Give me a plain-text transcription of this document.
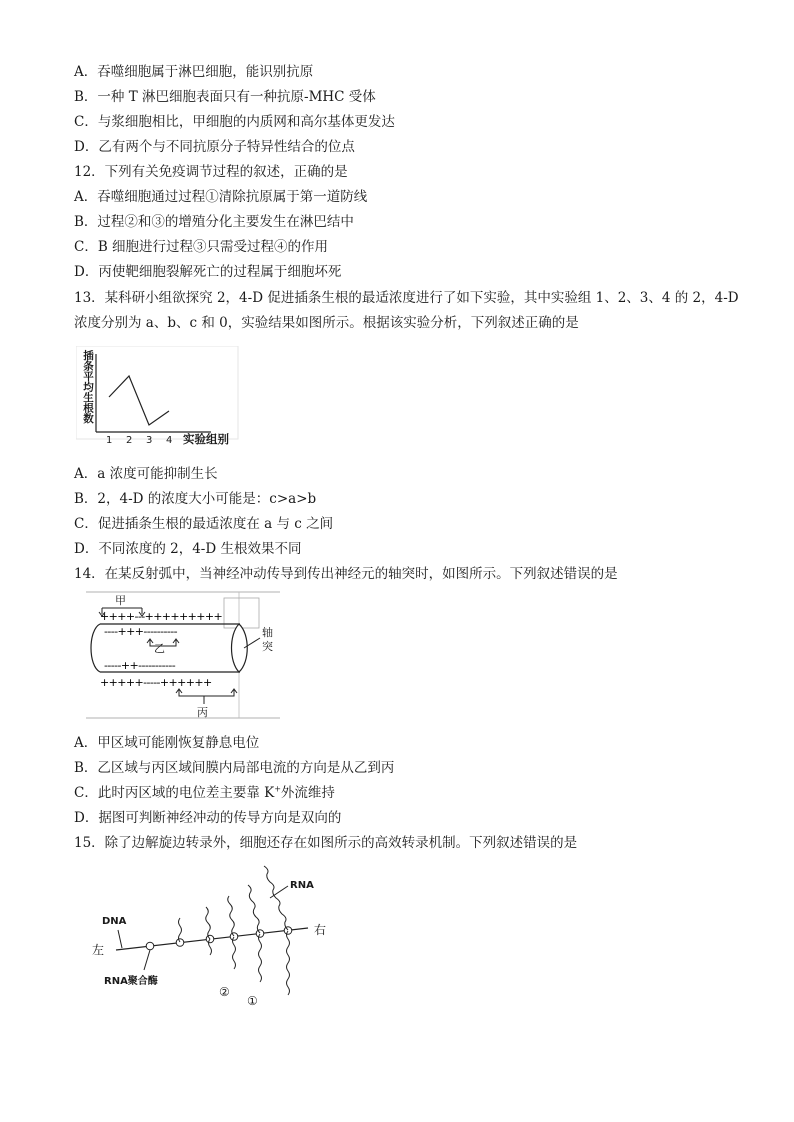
A．吞噬细胞属于淋巴细胞，能识别抗原
B．一种 T 淋巴细胞表面只有一种抗原-MHC 受体
C．与浆细胞相比，甲细胞的内质网和高尔基体更发达
D．乙有两个与不同抗原分子特异性结合的位点
12．下列有关免疫调节过程的叙述，正确的是
A．吞噬细胞通过过程①清除抗原属于第一道防线
B．过程②和③的增殖分化主要发生在淋巴结中
C．B 细胞进行过程③只需受过程④的作用
D．丙使靶细胞裂解死亡的过程属于细胞坏死
13．某科研小组欲探究 2，4-D 促进插条生根的最适浓度进行了如下实验，其中实验组 1、2、3、4 的 2，4-D
浓度分别为 a、b、c 和 0，实验结果如图所示。根据该实验分析，下列叙述正确的是
插条平均生根数
1 2 3 4 实验组别
A．a 浓度可能抑制生长
B．2，4-D 的浓度大小可能是：c>a>b
C．促进插条生根的最适浓度在 a 与 c 之间
D．不同浓度的 2，4-D 生根效果不同
14．在某反射弧中，当神经冲动传导到传出神经元的轴突时，如图所示。下列叙述错误的是
甲
++++---+++++++++
----+++----------
-----++-----------
乙
+++++-----++++++
丙
轴
突
A．甲区域可能刚恢复静息电位
B．乙区域与丙区域间膜内局部电流的方向是从乙到丙
C．此时丙区域的电位差主要靠 K+外流维持
D．据图可判断神经冲动的传导方向是双向的
15．除了边解旋边转录外，细胞还存在如图所示的高效转录机制。下列叙述错误的是
DNA
左
右
RNA
RNA聚合酶
②
①
